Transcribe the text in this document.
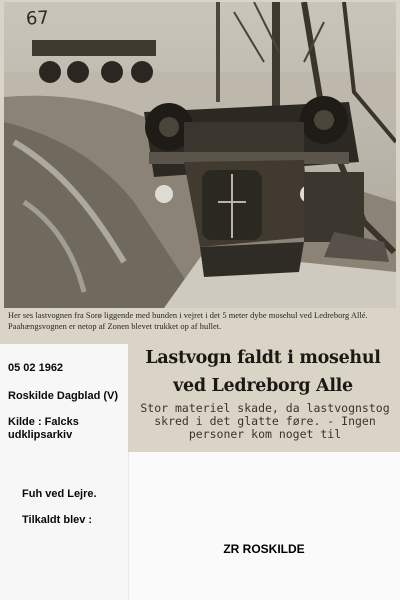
67
Her ses lastvognen fra Sorø liggende med bunden i vejret i det 5 meter dybe mosehul ved Ledreborg Allé. Paahængsvognen er netop af Zonen blevet trukket op af hullet.
Lastvogn faldt i mosehul
ved Ledreborg Alle
Stor materiel skade, da lastvognstog skred i det glatte føre. - Ingen personer kom noget til
05 02 1962
Roskilde Dagblad (V)
Kilde : Falcks
udklipsarkiv
Fuh ved Lejre.
Tilkaldt blev :
ZR ROSKILDE
